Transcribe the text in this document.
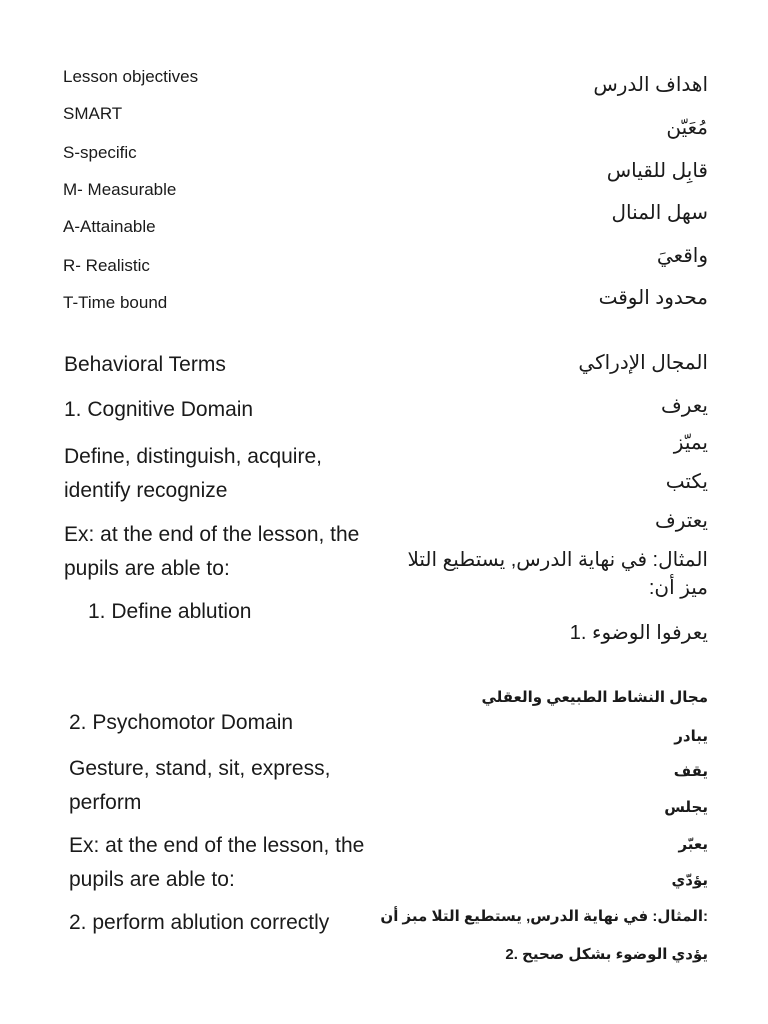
Lesson objectives
SMART
S-specific
M- Measurable
A-Attainable
R- Realistic
T-Time bound
اهداف الدرس
مُعَيّن
قابِل للقياس
سهل المنال
واقعيَ
محدود الوقت
Behavioral Terms
1. Cognitive Domain
Define, distinguish, acquire, identify recognize
Ex: at the end of the lesson, the pupils are able to:
1. Define ablution
المجال الإدراكي
يعرف
يميّز
يكتب
يعترف
المثال: في نهاية الدرس, يستطيع التلا ميز أن:
يعرفوا الوضوء .1
2. Psychomotor Domain
Gesture, stand, sit, express, perform
Ex: at the end of the lesson, the pupils are able to:
2. perform ablution correctly
مجال النشاط الطبيعي والعقلي
يبادر
يقف
يجلس
يعبّر
يؤدّي
:المثال: في نهاية الدرس, يستطيع التلا مبز أن
يؤدي الوضوء بشكل صحيح .2
